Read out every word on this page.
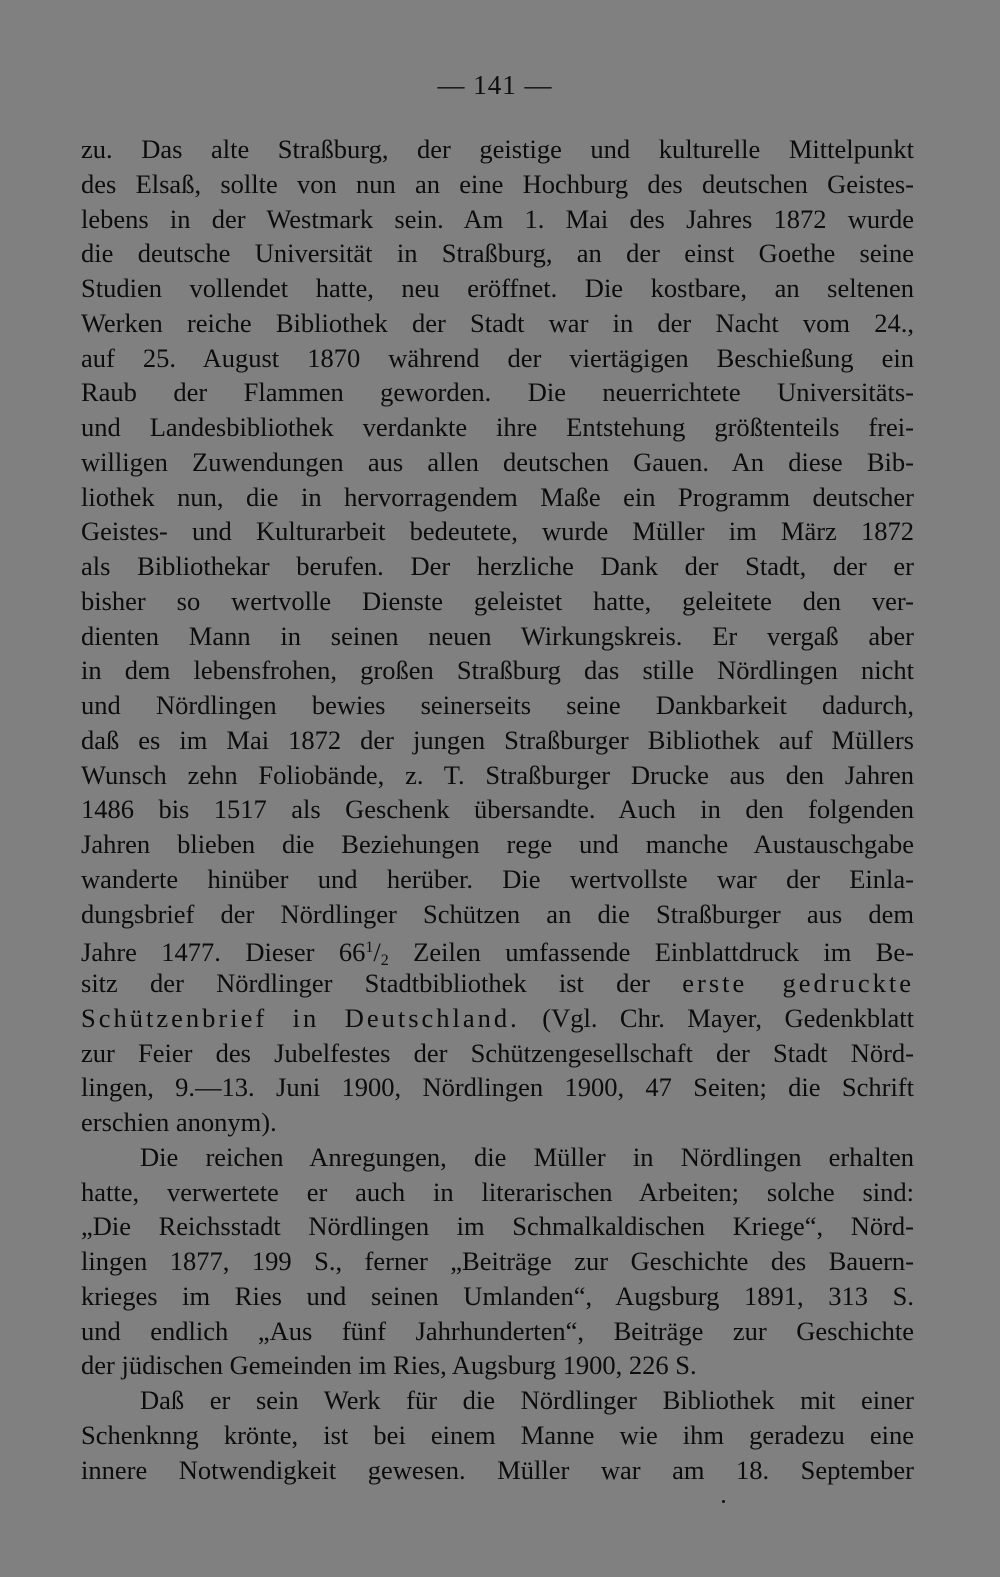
— 141 —
zu. Das alte Straßburg, der geistige und kulturelle Mittelpunkt
des Elsaß, sollte von nun an eine Hochburg des deutschen Geistes-
lebens in der Westmark sein. Am 1. Mai des Jahres 1872 wurde
die deutsche Universität in Straßburg, an der einst Goethe seine
Studien vollendet hatte, neu eröffnet. Die kostbare, an seltenen
Werken reiche Bibliothek der Stadt war in der Nacht vom 24.,
auf 25. August 1870 während der viertägigen Beschießung ein
Raub der Flammen geworden. Die neuerrichtete Universitäts-
und Landesbibliothek verdankte ihre Entstehung größtenteils frei-
willigen Zuwendungen aus allen deutschen Gauen. An diese Bib-
liothek nun, die in hervorragendem Maße ein Programm deutscher
Geistes- und Kulturarbeit bedeutete, wurde Müller im März 1872
als Bibliothekar berufen. Der herzliche Dank der Stadt, der er
bisher so wertvolle Dienste geleistet hatte, geleitete den ver-
dienten Mann in seinen neuen Wirkungskreis. Er vergaß aber
in dem lebensfrohen, großen Straßburg das stille Nördlingen nicht
und Nördlingen bewies seinerseits seine Dankbarkeit dadurch,
daß es im Mai 1872 der jungen Straßburger Bibliothek auf Müllers
Wunsch zehn Foliobände, z. T. Straßburger Drucke aus den Jahren
1486 bis 1517 als Geschenk übersandte. Auch in den folgenden
Jahren blieben die Beziehungen rege und manche Austauschgabe
wanderte hinüber und herüber. Die wertvollste war der Einla-
dungsbrief der Nördlinger Schützen an die Straßburger aus dem
Jahre 1477. Dieser $66^1/_2$ Zeilen umfassende Einblattdruck im Be-
sitz der Nördlinger Stadtbibliothek ist der erste gedruckte
Schützenbrief in Deutschland. (Vgl. Chr. Mayer, Gedenkblatt
zur Feier des Jubelfestes der Schützengesellschaft der Stadt Nörd-
lingen, 9.—13. Juni 1900, Nördlingen 1900, 47 Seiten; die Schrift
erschien anonym).
Die reichen Anregungen, die Müller in Nördlingen erhalten
hatte, verwertete er auch in literarischen Arbeiten; solche sind:
„Die Reichsstadt Nördlingen im Schmalkaldischen Kriege“, Nörd-
lingen 1877, 199 S., ferner „Beiträge zur Geschichte des Bauern-
krieges im Ries und seinen Umlanden“, Augsburg 1891, 313 S.
und endlich „Aus fünf Jahrhunderten“, Beiträge zur Geschichte
der jüdischen Gemeinden im Ries, Augsburg 1900, 226 S.
Daß er sein Werk für die Nördlinger Bibliothek mit einer
Schenknng krönte, ist bei einem Manne wie ihm geradezu eine
innere Notwendigkeit gewesen. Müller war am 18. September
